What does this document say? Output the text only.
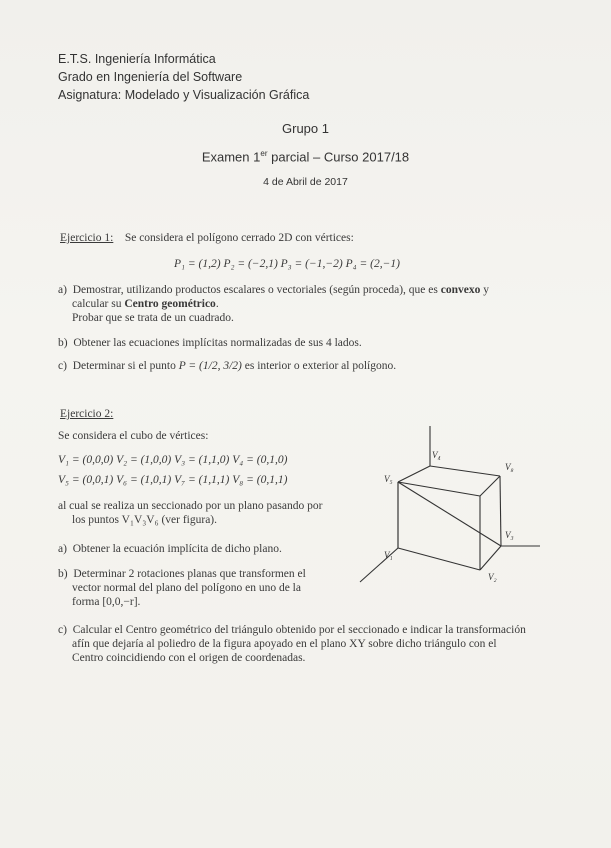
E.T.S. Ingeniería Informática
Grado en Ingeniería del Software
Asignatura: Modelado y Visualización Gráfica
Grupo 1
Examen 1er parcial – Curso 2017/18
4 de Abril de 2017
Ejercicio 1: Se considera el polígono cerrado 2D con vértices:
P₁ = (1,2) P₂ = (−2,1) P₃ = (−1,−2) P₄ = (2,−1)
a) Demostrar, utilizando productos escalares o vectoriales (según proceda), que es convexo y
calcular su Centro geométrico.
Probar que se trata de un cuadrado.
b) Obtener las ecuaciones implícitas normalizadas de sus 4 lados.
c) Determinar si el punto P = (1/2, 3/2) es interior o exterior al polígono.
Ejercicio 2:
Se considera el cubo de vértices:
V₁ = (0,0,0) V₂ = (1,0,0) V₃ = (1,1,0) V₄ = (0,1,0)
V₅ = (0,0,1) V₆ = (1,0,1) V₇ = (1,1,1) V₈ = (0,1,1)
al cual se realiza un seccionado por un plano pasando por
los puntos V₁V₃V₆ (ver figura).
a) Obtener la ecuación implícita de dicho plano.
b) Determinar 2 rotaciones planas que transformen el
vector normal del plano del polígono en uno de la
forma [0,0,−r].
c) Calcular el Centro geométrico del triángulo obtenido por el seccionado e indicar la transformación
afín que dejaría al poliedro de la figura apoyado en el plano XY sobre dicho triángulo con el
Centro coincidiendo con el origen de coordenadas.
V₄
V₈
V₅
V₃
V₁
V₂
